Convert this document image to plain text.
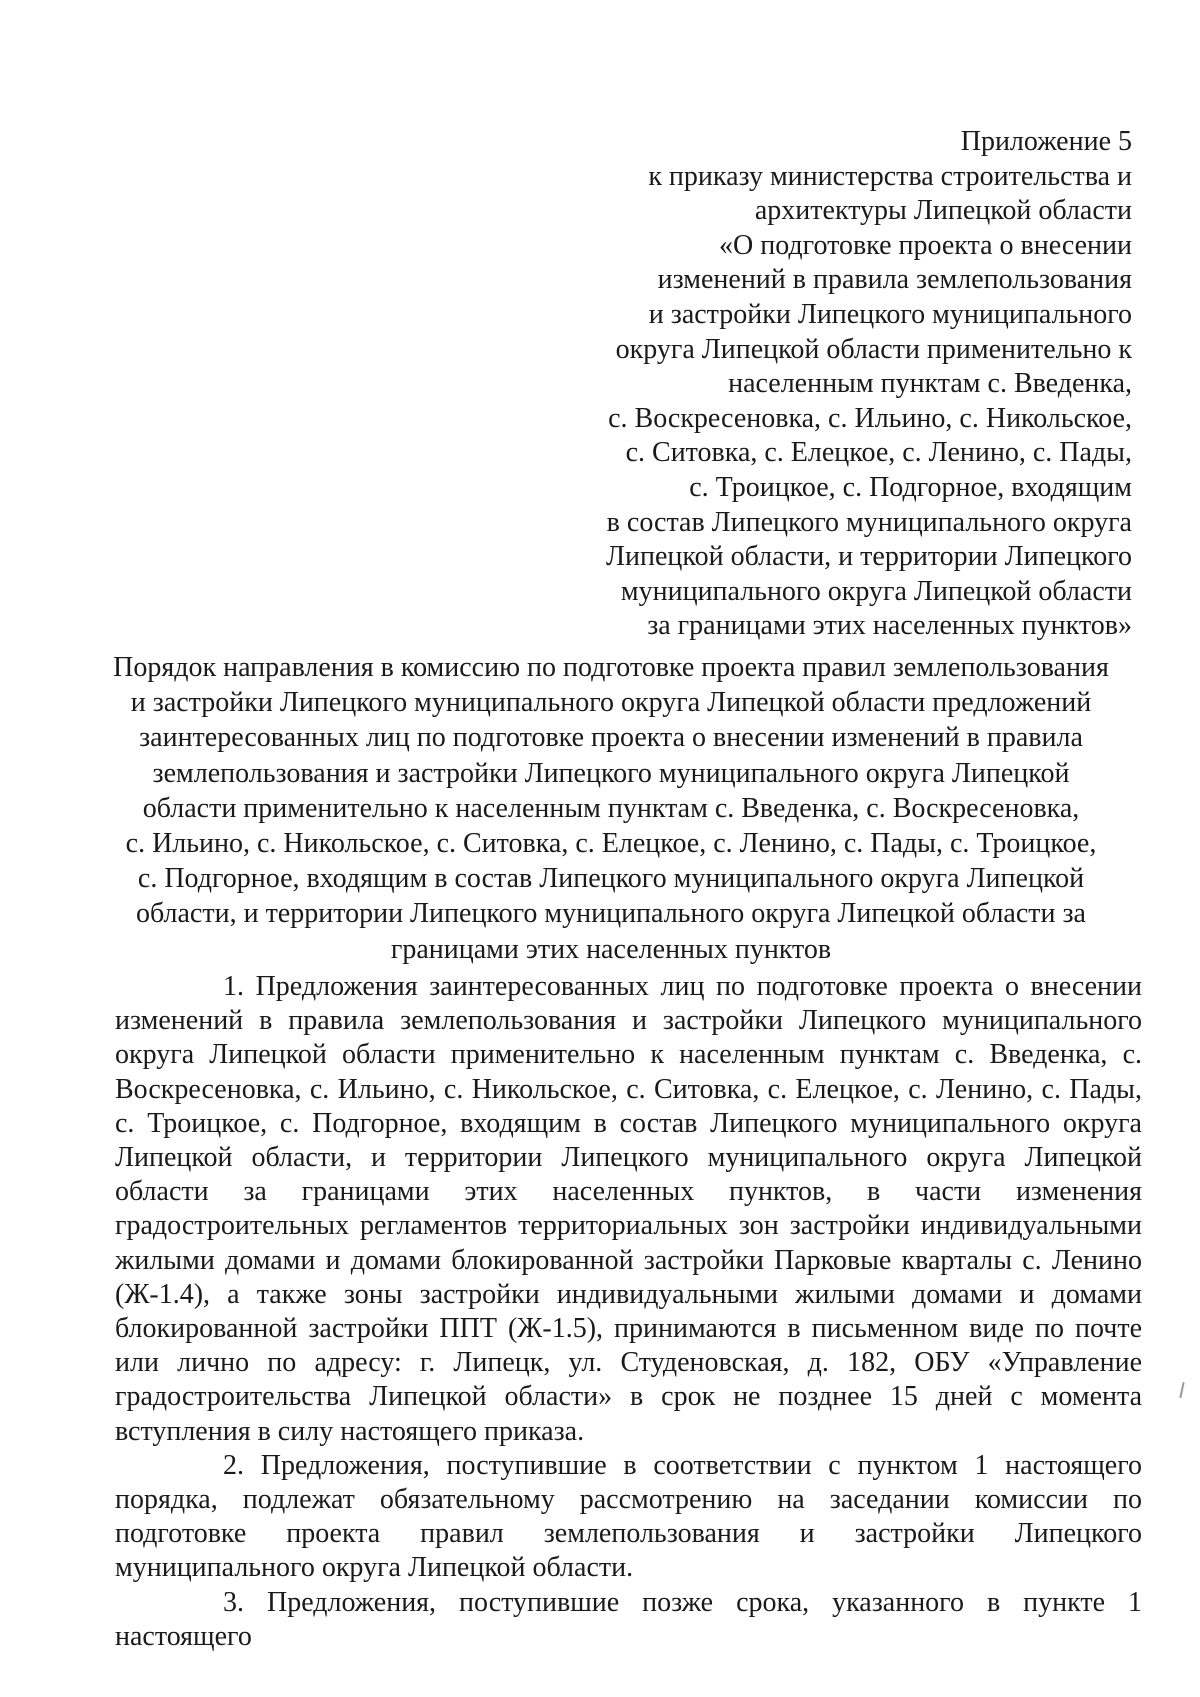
Приложение 5
к приказу министерства строительства и
архитектуры Липецкой области
«О подготовке проекта о внесении
изменений в правила землепользования
и застройки Липецкого муниципального
округа Липецкой области применительно к
населенным пунктам с. Введенка,
с. Воскресеновка, с. Ильино, с. Никольское,
с. Ситовка, с. Елецкое, с. Ленино, с. Пады,
с. Троицкое, с. Подгорное, входящим
в состав Липецкого муниципального округа
Липецкой области, и территории Липецкого
муниципального округа Липецкой области
за границами этих населенных пунктов»
Порядок направления в комиссию по подготовке проекта правил землепользования
и застройки Липецкого муниципального округа Липецкой области предложений
заинтересованных лиц по подготовке проекта о внесении изменений в правила
землепользования и застройки Липецкого муниципального округа Липецкой
области применительно к населенным пунктам с. Введенка, с. Воскресеновка,
с. Ильино, с. Никольское, с. Ситовка, с. Елецкое, с. Ленино, с. Пады, с. Троицкое,
с. Подгорное, входящим в состав Липецкого муниципального округа Липецкой
области, и территории Липецкого муниципального округа Липецкой области за
границами этих населенных пунктов

1. Предложения заинтересованных лиц по подготовке проекта о внесении изменений в правила землепользования и застройки Липецкого муниципального округа Липецкой области применительно к населенным пунктам с. Введенка, с. Воскресеновка, с. Ильино, с. Никольское, с. Ситовка, с. Елецкое, с. Ленино, с. Пады, с. Троицкое, с. Подгорное, входящим в состав Липецкого муниципального округа Липецкой области, и территории Липецкого муниципального округа Липецкой области за границами этих населенных пунктов, в части изменения градостроительных регламентов территориальных зон застройки индивидуальными жилыми домами и домами блокированной застройки Парковые кварталы с. Ленино (Ж-1.4), а также зоны застройки индивидуальными жилыми домами и домами блокированной застройки ППТ (Ж-1.5), принимаются в письменном виде по почте или лично по адресу: г. Липецк, ул. Студеновская, д. 182, ОБУ «Управление градостроительства Липецкой области» в срок не позднее 15 дней с момента вступления в силу настоящего приказа.

2. Предложения, поступившие в соответствии с пунктом 1 настоящего порядка, подлежат обязательному рассмотрению на заседании комиссии по подготовке проекта правил землепользования и застройки Липецкого муниципального округа Липецкой области.

3. Предложения, поступившие позже срока, указанного в пункте 1 настоящего
